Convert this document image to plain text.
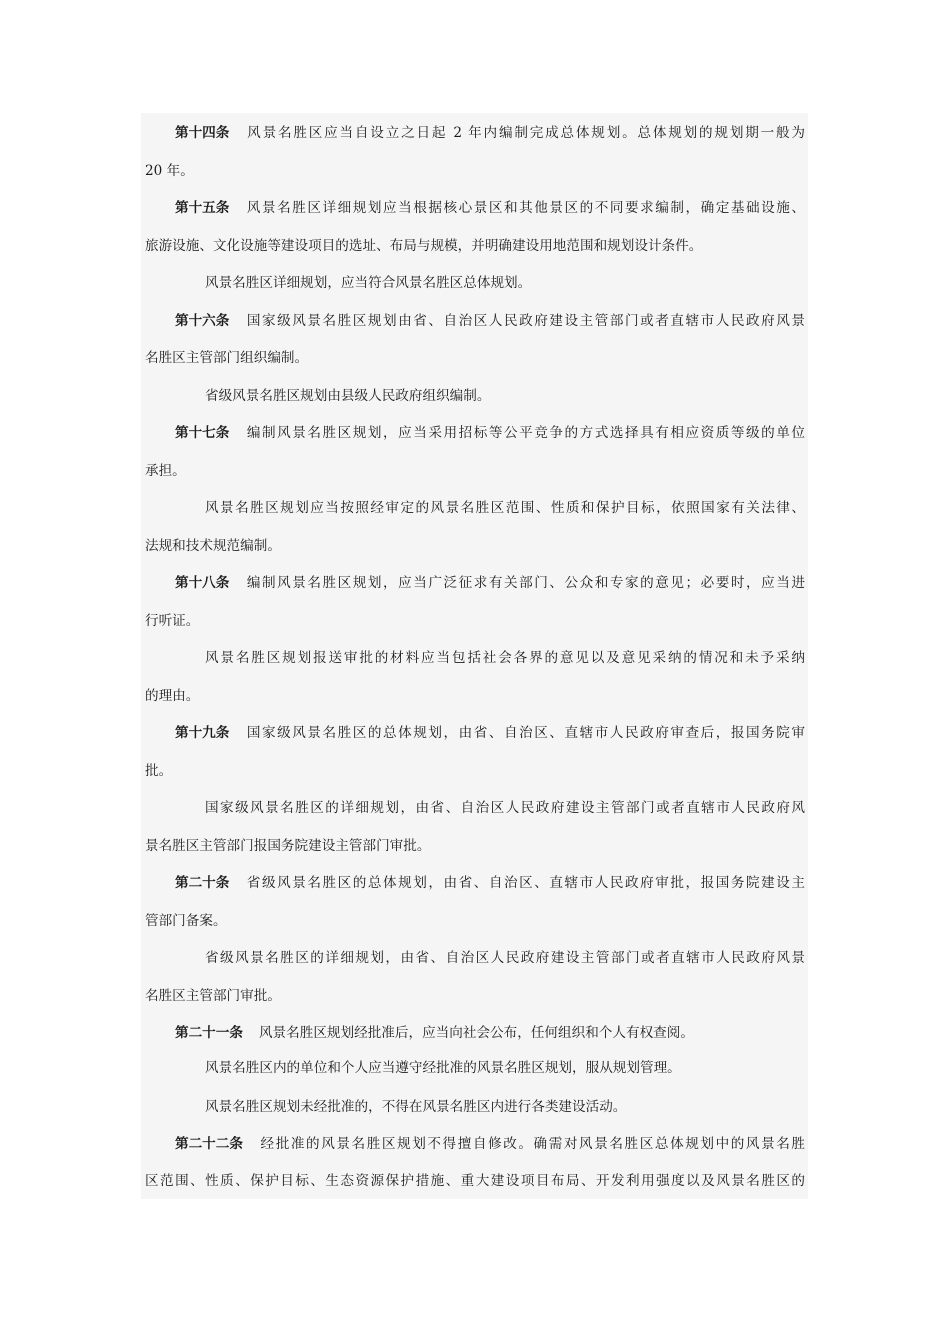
第十四条 风景名胜区应当自设立之日起 2 年内编制完成总体规划。总体规划的规划期一般为
20 年。
第十五条 风景名胜区详细规划应当根据核心景区和其他景区的不同要求编制，确定基础设施、
旅游设施、文化设施等建设项目的选址、布局与规模，并明确建设用地范围和规划设计条件。
风景名胜区详细规划，应当符合风景名胜区总体规划。
第十六条 国家级风景名胜区规划由省、自治区人民政府建设主管部门或者直辖市人民政府风景
名胜区主管部门组织编制。
省级风景名胜区规划由县级人民政府组织编制。
第十七条 编制风景名胜区规划，应当采用招标等公平竞争的方式选择具有相应资质等级的单位
承担。
风景名胜区规划应当按照经审定的风景名胜区范围、性质和保护目标，依照国家有关法律、
法规和技术规范编制。
第十八条 编制风景名胜区规划，应当广泛征求有关部门、公众和专家的意见；必要时，应当进
行听证。
风景名胜区规划报送审批的材料应当包括社会各界的意见以及意见采纳的情况和未予采纳
的理由。
第十九条 国家级风景名胜区的总体规划，由省、自治区、直辖市人民政府审查后，报国务院审
批。
国家级风景名胜区的详细规划，由省、自治区人民政府建设主管部门或者直辖市人民政府风
景名胜区主管部门报国务院建设主管部门审批。
第二十条 省级风景名胜区的总体规划，由省、自治区、直辖市人民政府审批，报国务院建设主
管部门备案。
省级风景名胜区的详细规划，由省、自治区人民政府建设主管部门或者直辖市人民政府风景
名胜区主管部门审批。
第二十一条 风景名胜区规划经批准后，应当向社会公布，任何组织和个人有权查阅。
风景名胜区内的单位和个人应当遵守经批准的风景名胜区规划，服从规划管理。
风景名胜区规划未经批准的，不得在风景名胜区内进行各类建设活动。
第二十二条 经批准的风景名胜区规划不得擅自修改。确需对风景名胜区总体规划中的风景名胜
区范围、性质、保护目标、生态资源保护措施、重大建设项目布局、开发利用强度以及风景名胜区的
